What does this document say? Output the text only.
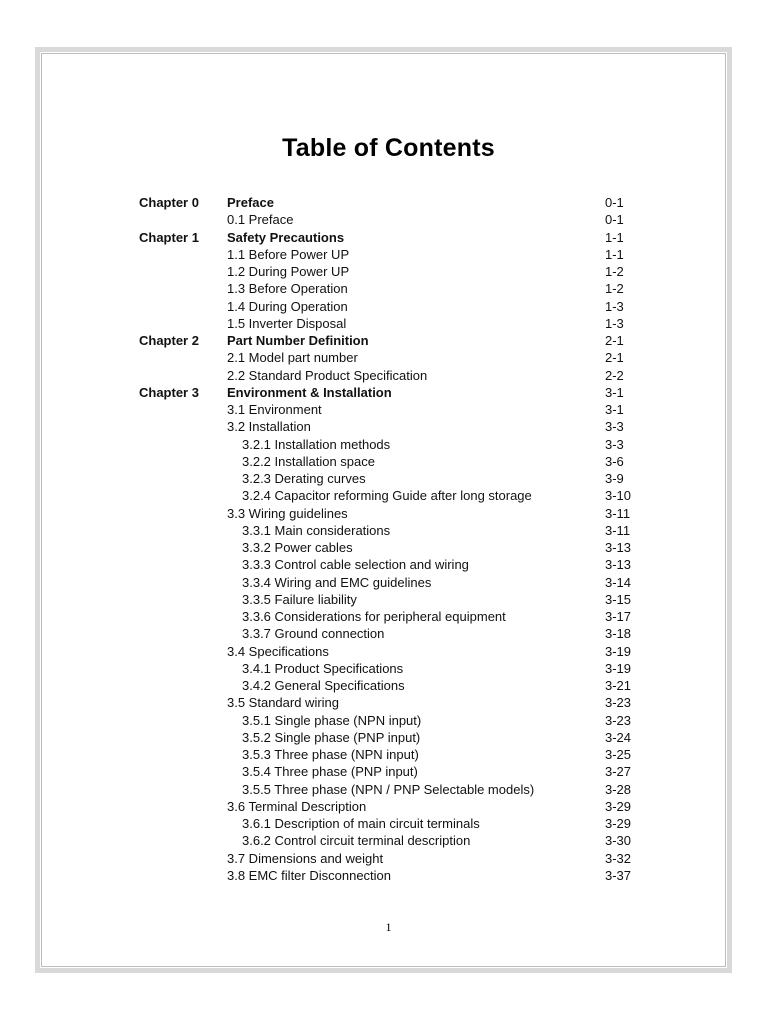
Table of Contents
Chapter 0 Preface	0-1
0.1 Preface	0-1
Chapter 1 Safety Precautions	1-1
1.1 Before Power UP	1-1
1.2 During Power UP	1-2
1.3 Before Operation	1-2
1.4 During Operation	1-3
1.5 Inverter Disposal	1-3
Chapter 2 Part Number Definition	2-1
2.1 Model part number	2-1
2.2 Standard Product Specification	2-2
Chapter 3 Environment & Installation	3-1
3.1 Environment	3-1
3.2 Installation	3-3
3.2.1 Installation methods	3-3
3.2.2 Installation space	3-6
3.2.3 Derating curves	3-9
3.2.4 Capacitor reforming Guide after long storage	3-10
3.3 Wiring guidelines	3-11
3.3.1 Main considerations	3-11
3.3.2 Power cables	3-13
3.3.3 Control cable selection and wiring	3-13
3.3.4 Wiring and EMC guidelines	3-14
3.3.5 Failure liability	3-15
3.3.6 Considerations for peripheral equipment	3-17
3.3.7 Ground connection	3-18
3.4 Specifications	3-19
3.4.1 Product Specifications	3-19
3.4.2 General Specifications	3-21
3.5 Standard wiring	3-23
3.5.1 Single phase (NPN input)	3-23
3.5.2 Single phase (PNP input)	3-24
3.5.3 Three phase (NPN input)	3-25
3.5.4 Three phase (PNP input)	3-27
3.5.5 Three phase (NPN / PNP Selectable models)	3-28
3.6 Terminal Description	3-29
3.6.1 Description of main circuit terminals	3-29
3.6.2 Control circuit terminal description	3-30
3.7 Dimensions and weight	3-32
3.8 EMC filter Disconnection	3-37
1
